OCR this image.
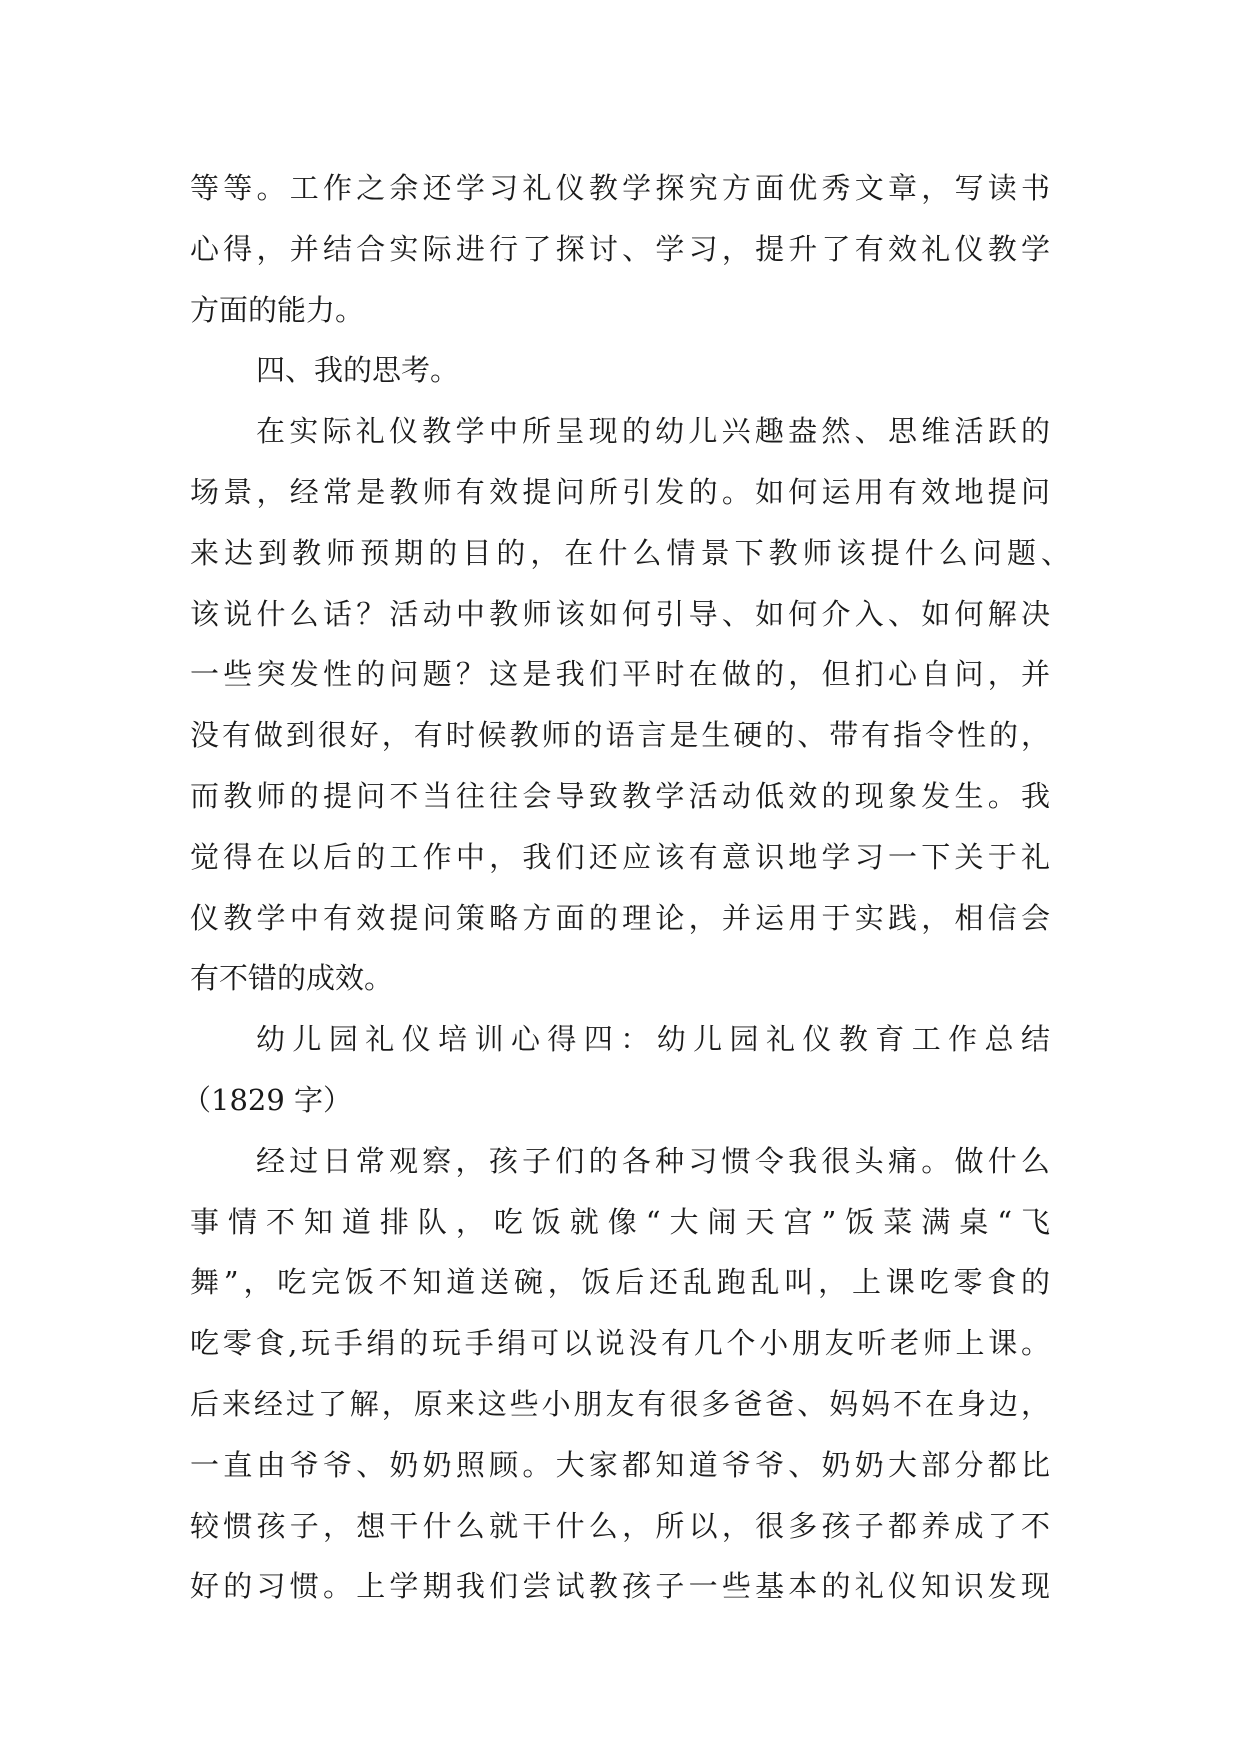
等等。工作之余还学习礼仪教学探究方面优秀文章，写读书
心得，并结合实际进行了探讨、学习，提升了有效礼仪教学
方面的能力。
四、我的思考。
在实际礼仪教学中所呈现的幼儿兴趣盎然、思维活跃的
场景，经常是教师有效提问所引发的。如何运用有效地提问
来达到教师预期的目的，在什么情景下教师该提什么问题、
该说什么话？活动中教师该如何引导、如何介入、如何解决
一些突发性的问题？这是我们平时在做的，但扪心自问，并
没有做到很好，有时候教师的语言是生硬的、带有指令性的，
而教师的提问不当往往会导致教学活动低效的现象发生。我
觉得在以后的工作中，我们还应该有意识地学习一下关于礼
仪教学中有效提问策略方面的理论，并运用于实践，相信会
有不错的成效。
幼儿园礼仪培训心得四：幼儿园礼仪教育工作总结
（1829 字）
经过日常观察，孩子们的各种习惯令我很头痛。做什么
事情不知道排队，吃饭就像“大闹天宫”饭菜满桌“飞
舞”，吃完饭不知道送碗，饭后还乱跑乱叫，上课吃零食的
吃零食,玩手绢的玩手绢可以说没有几个小朋友听老师上课。
后来经过了解，原来这些小朋友有很多爸爸、妈妈不在身边，
一直由爷爷、奶奶照顾。大家都知道爷爷、奶奶大部分都比
较惯孩子，想干什么就干什么，所以，很多孩子都养成了不
好的习惯。上学期我们尝试教孩子一些基本的礼仪知识发现
